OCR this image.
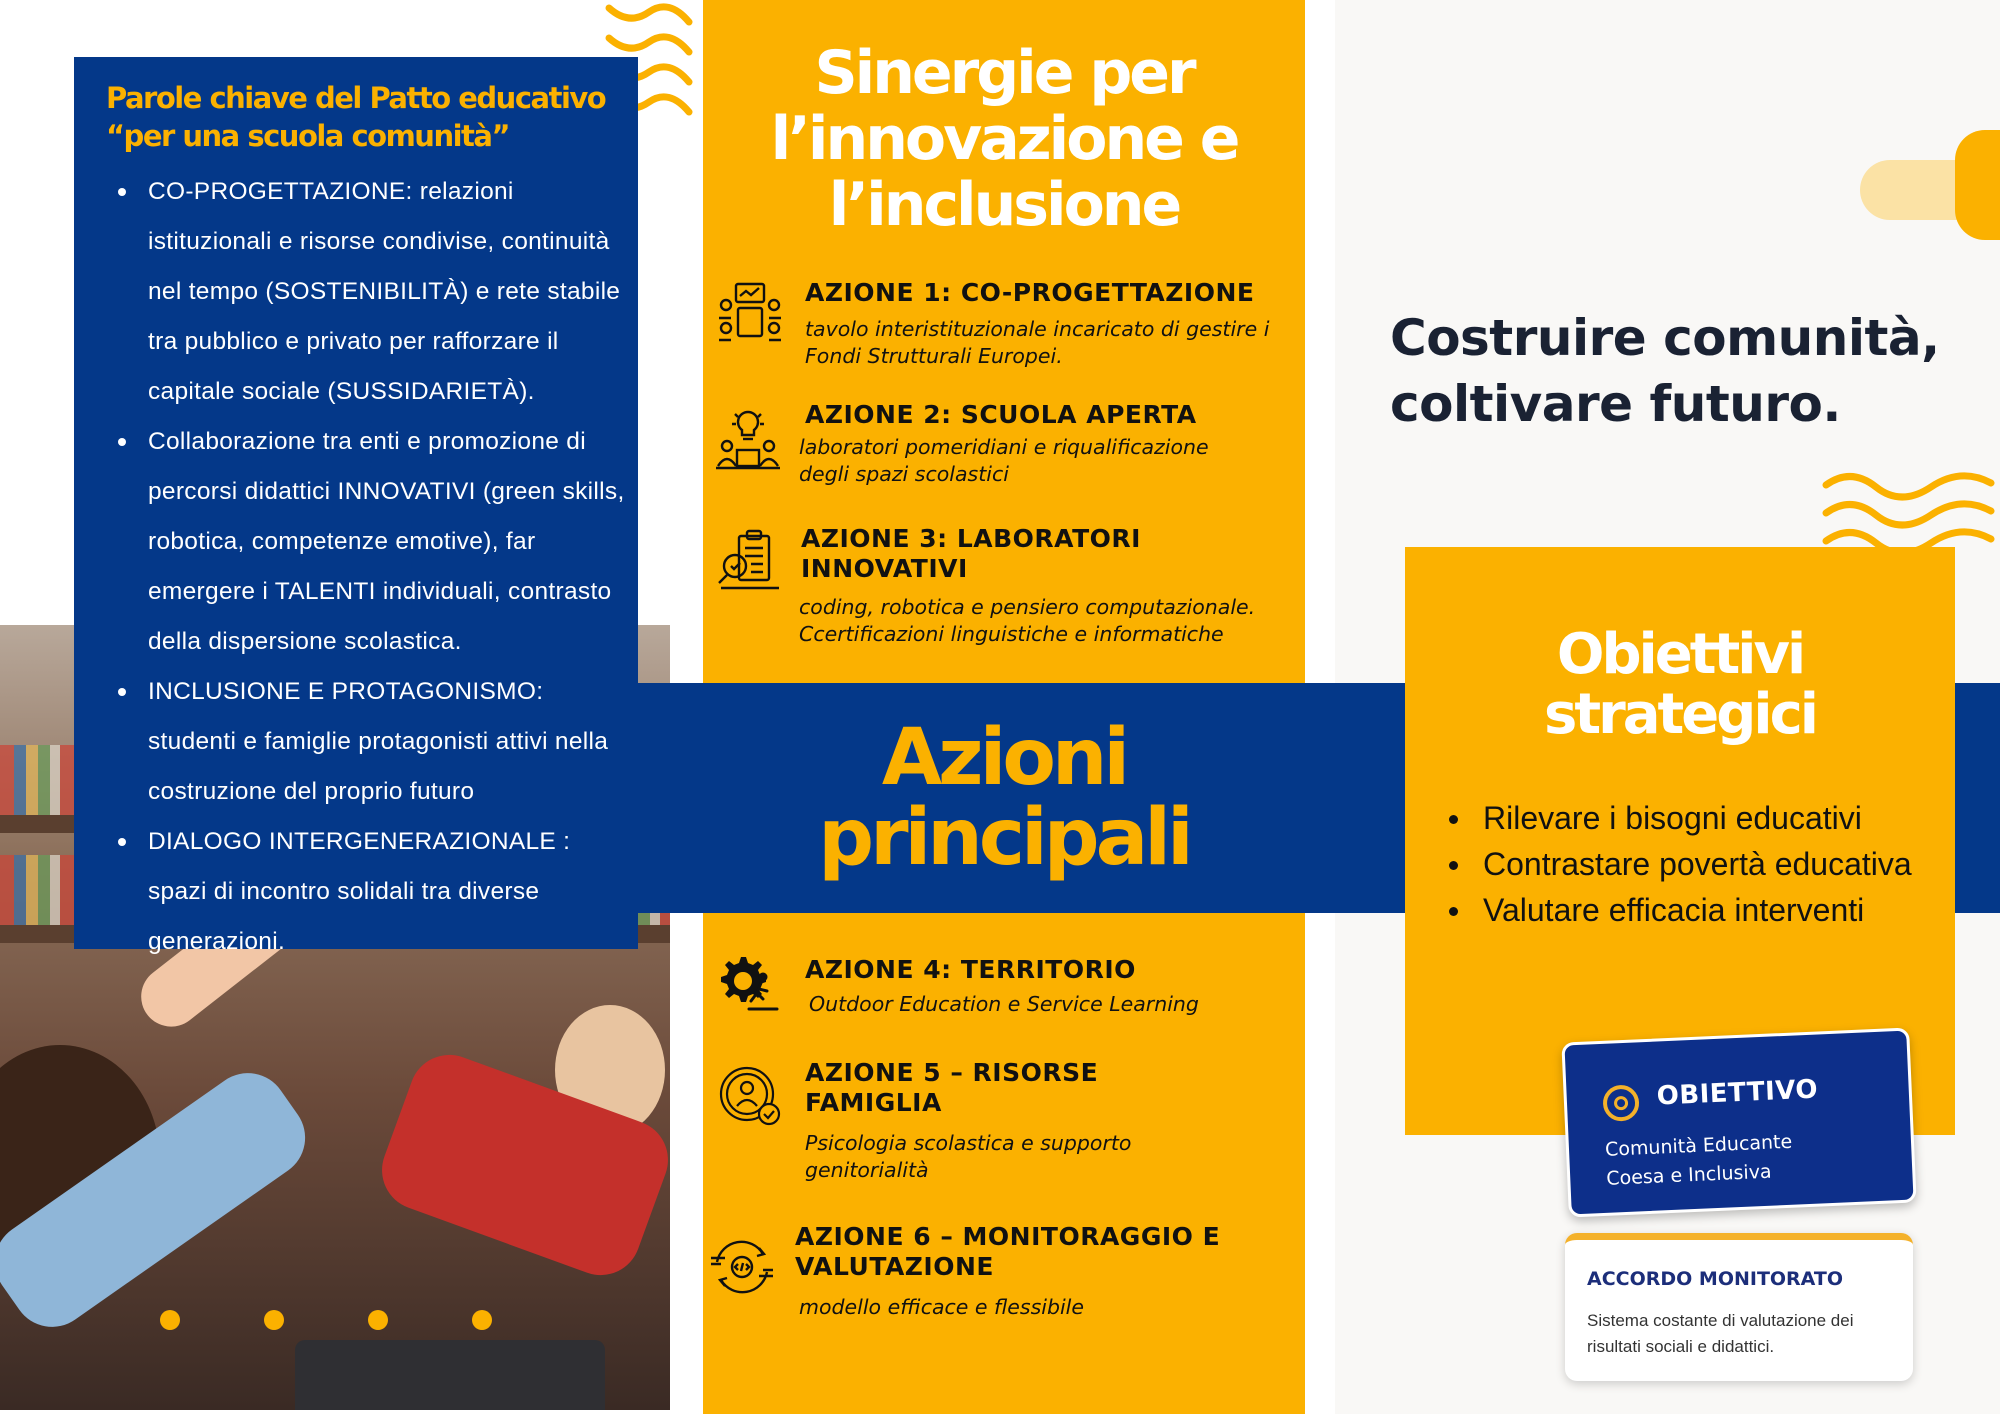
Sinergie per
l’innovazione e
l’inclusione
AZIONE 1: CO-PROGETTAZIONE
tavolo interistituzionale incaricato di gestire i Fondi Strutturali Europei.
AZIONE 2: SCUOLA APERTA
laboratori pomeridiani e riqualificazione degli spazi scolastici
AZIONE 3: LABORATORI INNOVATIVI
coding, robotica e pensiero computazionale. Ccertificazioni linguistiche e informatiche
Azioni
principali
AZIONE 4: TERRITORIO
Outdoor Education e Service Learning
AZIONE 5 – RISORSE FAMIGLIA
Psicologia scolastica e supporto genitorialità
AZIONE 6 – MONITORAGGIO E VALUTAZIONE
modello efficace e flessibile
Parole chiave del Patto educativo “per una scuola comunità”
CO-PROGETTAZIONE: relazioni istituzionali e risorse condivise, continuità nel tempo (SOSTENIBILITÀ) e rete stabile tra pubblico e privato per rafforzare il capitale sociale (SUSSIDARIETÀ).
Collaborazione tra enti e promozione di percorsi didattici INNOVATIVI (green skills, robotica, competenze emotive), far emergere i TALENTI individuali, contrasto della dispersione scolastica.
INCLUSIONE E PROTAGONISMO: studenti e famiglie protagonisti attivi nella costruzione del proprio futuro
DIALOGO INTERGENERAZIONALE : spazi di incontro solidali tra diverse generazioni.
Costruire comunità,
coltivare futuro.
Obiettivi
strategici
Rilevare i bisogni educativi
Contrastare povertà educativa
Valutare efficacia interventi
OBIETTIVO
Comunità Educante
Coesa e Inclusiva
ACCORDO MONITORATO
Sistema costante di valutazione dei risultati sociali e didattici.
